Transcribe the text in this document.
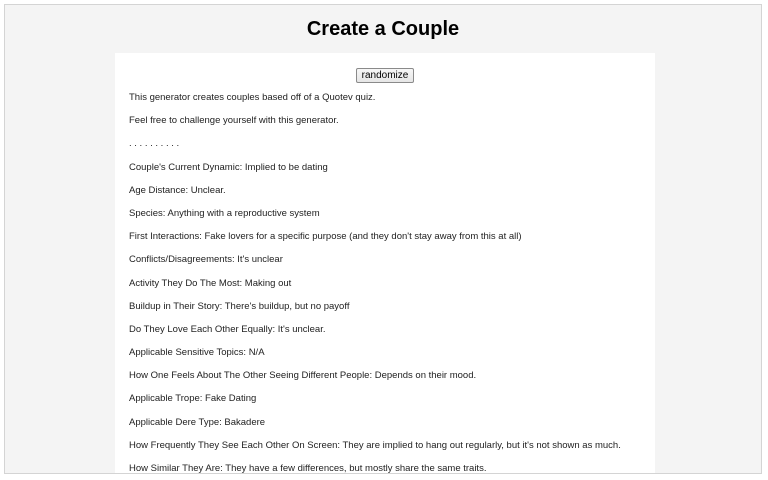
Create a Couple
randomize
This generator creates couples based off of a Quotev quiz.
Feel free to challenge yourself with this generator.
. . . . . . . . . .
Couple's Current Dynamic: Implied to be dating
Age Distance: Unclear.
Species: Anything with a reproductive system
First Interactions: Fake lovers for a specific purpose (and they don't stay away from this at all)
Conflicts/Disagreements: It's unclear
Activity They Do The Most: Making out
Buildup in Their Story: There's buildup, but no payoff
Do They Love Each Other Equally: It's unclear.
Applicable Sensitive Topics: N/A
How One Feels About The Other Seeing Different People: Depends on their mood.
Applicable Trope: Fake Dating
Applicable Dere Type: Bakadere
How Frequently They See Each Other On Screen: They are implied to hang out regularly, but it's not shown as much.
How Similar They Are: They have a few differences, but mostly share the same traits.
